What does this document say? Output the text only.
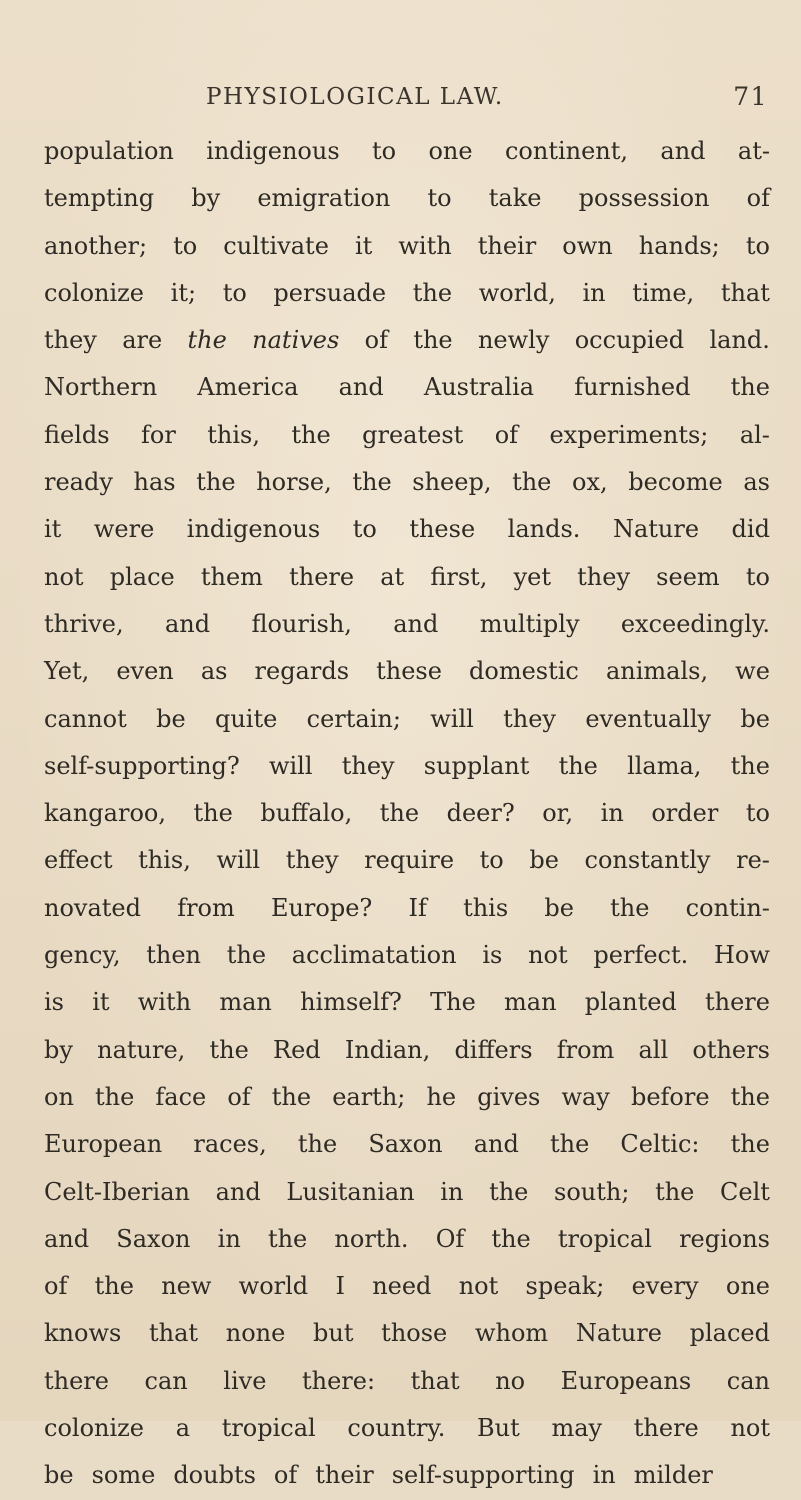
PHYSIOLOGICAL LAW.	71
population indigenous to one continent, and at-
tempting by emigration to take possession of
another; to cultivate it with their own hands; to
colonize it; to persuade the world, in time, that
they are the natives of the newly occupied land.
Northern America and Australia furnished the
fields for this, the greatest of experiments; al-
ready has the horse, the sheep, the ox, become as
it were indigenous to these lands. Nature did
not place them there at first, yet they seem to
thrive, and flourish, and multiply exceedingly.
Yet, even as regards these domestic animals, we
cannot be quite certain; will they eventually be
self-supporting? will they supplant the llama, the
kangaroo, the buffalo, the deer? or, in order to
effect this, will they require to be constantly re-
novated from Europe? If this be the contin-
gency, then the acclimatation is not perfect. How
is it with man himself? The man planted there
by nature, the Red Indian, differs from all others
on the face of the earth; he gives way before the
European races, the Saxon and the Celtic: the
Celt-Iberian and Lusitanian in the south; the Celt
and Saxon in the north. Of the tropical regions
of the new world I need not speak; every one
knows that none but those whom Nature placed
there can live there: that no Europeans can
colonize a tropical country. But may there not
be some doubts of their self-supporting in milder
